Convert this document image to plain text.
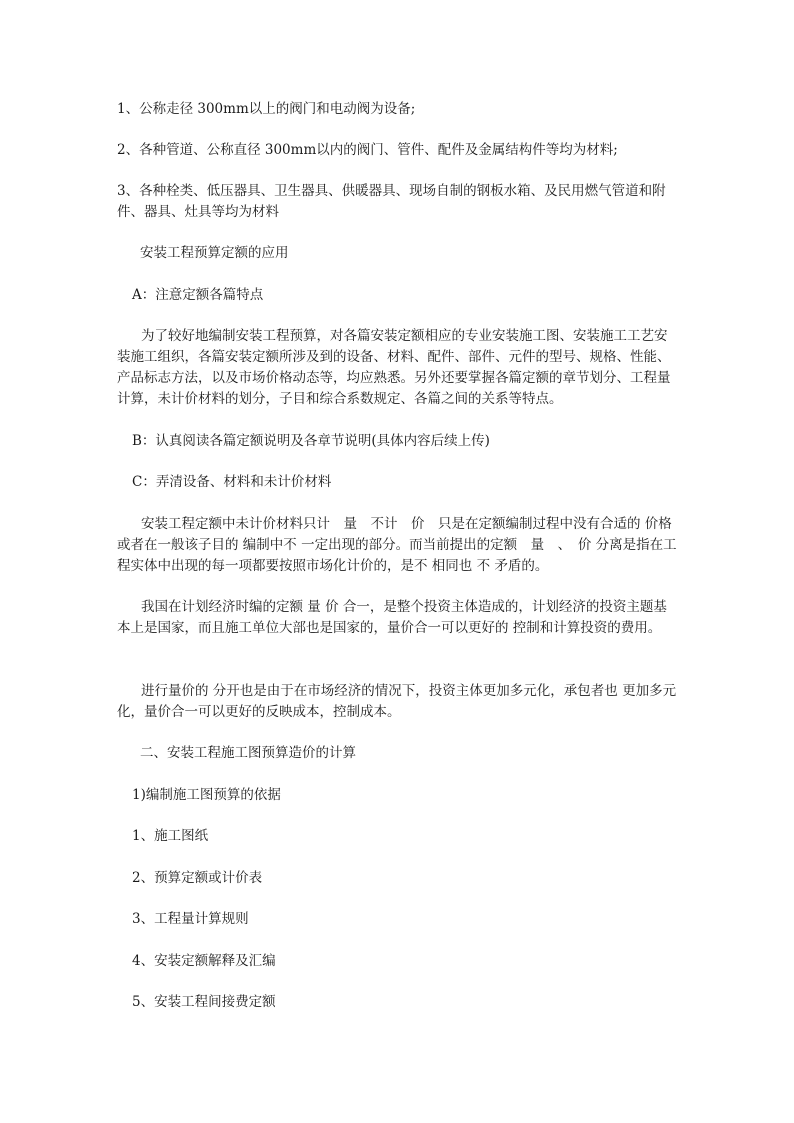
1、公称走径 300mm以上的阀门和电动阀为设备;
2、各种管道、公称直径 300mm以内的阀门、管件、配件及金属结构件等均为材料;
3、各种栓类、低压器具、卫生器具、供暖器具、现场自制的钢板水箱、及民用燃气管道和附件、器具、灶具等均为材料
安装工程预算定额的应用
A：注意定额各篇特点
为了较好地编制安装工程预算，对各篇安装定额相应的专业安装施工图、安装施工工艺安装施工组织，各篇安装定额所涉及到的设备、材料、配件、部件、元件的型号、规格、性能、产品标志方法，以及市场价格动态等，均应熟悉。另外还要掌握各篇定额的章节划分、工程量计算，未计价材料的划分，子目和综合系数规定、各篇之间的关系等特点。
B：认真阅读各篇定额说明及各章节说明(具体内容后续上传)
C：弄清设备、材料和未计价材料
安装工程定额中未计价材料只计　量　不计　价　只是在定额编制过程中没有合适的 价格或者在一般该子目的 编制中不 一定出现的部分。而当前提出的定额　量　、　价 分离是指在工程实体中出现的每一项都要按照市场化计价的，是不 相同也 不 矛盾的。
我国在计划经济时编的定额 量 价 合一，是整个投资主体造成的，计划经济的投资主题基本上是国家，而且施工单位大部也是国家的，量价合一可以更好的 控制和计算投资的费用。
进行量价的 分开也是由于在市场经济的情况下，投资主体更加多元化，承包者也 更加多元化，量价合一可以更好的反映成本，控制成本。
二、安装工程施工图预算造价的计算
1)编制施工图预算的依据
1、施工图纸
2、预算定额或计价表
3、工程量计算规则
4、安装定额解释及汇编
5、安装工程间接费定额
